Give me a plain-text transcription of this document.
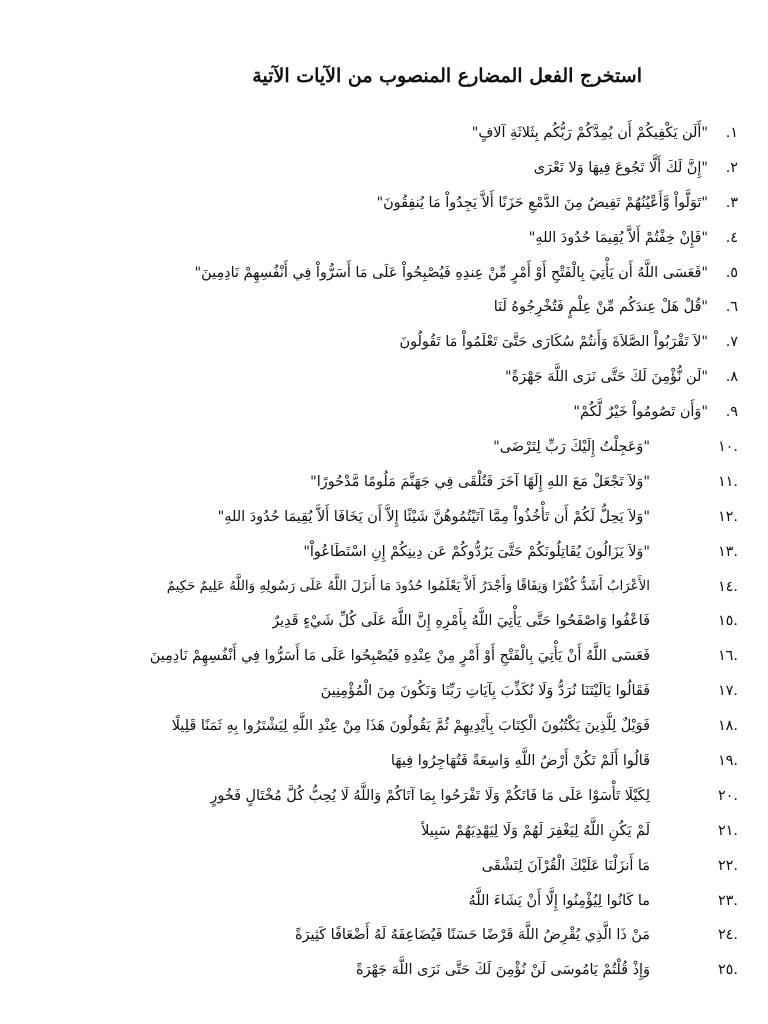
استخرج الفعل المضارع المنصوب من الآيات الآتية
١.
"أَلَن يَكْفِيكُمْ أَن يُمِدَّكُمْ رَبُّكُم بِثَلاثَةِ آلافٍ"
٢.
"إِنَّ لَكَ أَلَّا تَجُوعَ فِيهَا وَلا تَعْرَى
٣.
"تَوَلَّواْ وَّأَعْيُنُهُمْ تَفِيضُ مِنَ الدَّمْعِ حَزَنًا أَلاَّ يَجِدُواْ مَا يُنفِقُونَ"
٤.
"فَإِنْ خِفْتُمْ أَلاَّ يُقِيمَا حُدُودَ اللهِ"
٥.
"فَعَسَى اللَّهُ أَن يَأْتِيَ بِالْفَتْحِ أَوْ أَمْرٍ مِّنْ عِندِهِ فَيُصْبِحُواْ عَلَى مَا أَسَرُّواْ فِي أَنْفُسِهِمْ نَادِمِينَ"
٦.
"قُلْ هَلْ عِندَكُم مِّنْ عِلْمٍ فَتُخْرِجُوهُ لَنَا
٧.
"لاَ تَقْرَبُواْ الصَّلاَةَ وَأَنتُمْ سُكَارَى حَتَّىَ تَعْلَمُواْ مَا تَقُولُونَ
٨.
"لَن نُّؤْمِنَ لَكَ حَتَّى نَرَى اللَّهَ جَهْرَةً"
٩.
"وَأَن تَصُومُواْ خَيْرٌ لَّكُمْ"
.١٠
"وَعَجِلْتُ إِلَيْكَ رَبِّ لِتَرْضَى"
.١١
"وَلاَ تَجْعَلْ مَعَ اللهِ إِلَهًا آخَرَ فَتُلْقَى فِي جَهَنَّمَ مَلُومًا مَّدْحُورًا"
.١٢
"وَلاَ يَحِلُّ لَكُمْ أَن تَأْخُذُواْ مِمَّا آتَيْتُمُوهُنَّ شَيْئًا إِلاَّ أَن يَخَافَا أَلاَّ يُقِيمَا حُدُودَ اللهِ"
.١٣
"وَلاَ يَزَالُونَ يُقَاتِلُونَكُمْ حَتَّىَ يَرُدُّوكُمْ عَن دِينِكُمْ إِنِ اسْتَطَاعُواْ"
.١٤
الأَعْرَابُ أَشَدُّ كُفْرًا وَنِفَاقًا وَأَجْدَرُ أَلاَّ يَعْلَمُوا حُدُودَ مَا أَنزَلَ اللَّهُ عَلَى رَسُولِهِ وَاللَّهُ عَلِيمٌ حَكِيمٌ
.١٥
فَاعْفُوا وَاصْفَحُوا حَتَّى يَأْتِيَ اللَّهُ بِأَمْرِهِ إِنَّ اللَّهَ عَلَى كُلِّ شَيْءٍ قَدِيرٌ
.١٦
فَعَسَى اللَّهُ أَنْ يَأْتِيَ بِالْفَتْحِ أَوْ أَمْرٍ مِنْ عِنْدِهِ فَيُصْبِحُوا عَلَى مَا أَسَرُّوا فِي أَنْفُسِهِمْ نَادِمِينَ
.١٧
فَقَالُوا يَالَيْتَنَا نُرَدُّ وَلَا نُكَذِّبَ بِآيَاتِ رَبِّنَا وَنَكُونَ مِنَ الْمُؤْمِنِينَ
.١٨
فَوَيْلٌ لِلَّذِينَ يَكْتُبُونَ الْكِتَابَ بِأَيْدِيهِمْ ثُمَّ يَقُولُونَ هَذَا مِنْ عِنْدِ اللَّهِ لِيَشْتَرُوا بِهِ ثَمَنًا قَلِيلًا
.١٩
قَالُوا أَلَمْ تَكُنْ أَرْضُ اللَّهِ وَاسِعَةً فَتُهَاجِرُوا فِيهَا
.٢٠
لِكَيْلَا تَأْسَوْا عَلَى مَا فَاتَكُمْ وَلَا تَفْرَحُوا بِمَا آتَاكُمْ وَاللَّهُ لَا يُحِبُّ كُلَّ مُخْتَالٍ فَخُورٍ
.٢١
لَمْ يَكُنِ اللَّهُ لِيَغْفِرَ لَهُمْ وَلَا لِيَهْدِيَهُمْ سَبِيلاً
.٢٢
مَا أَنزَلْنَا عَلَيْكَ الْقُرْآنَ لِتَشْقَى
.٢٣
ما كَانُوا لِيُؤْمِنُوا إِلَّا أَنْ يَشَاءَ اللَّهُ
.٢٤
مَنْ ذَا الَّذِي يُقْرِضُ اللَّهَ قَرْضًا حَسَنًا فَيُضَاعِفَهُ لَهُ أَضْعَافًا كَثِيرَةً
.٢٥
وَإِذْ قُلْتُمْ يَامُوسَى لَنْ نُؤْمِنَ لَكَ حَتَّى نَرَى اللَّهَ جَهْرَةً
